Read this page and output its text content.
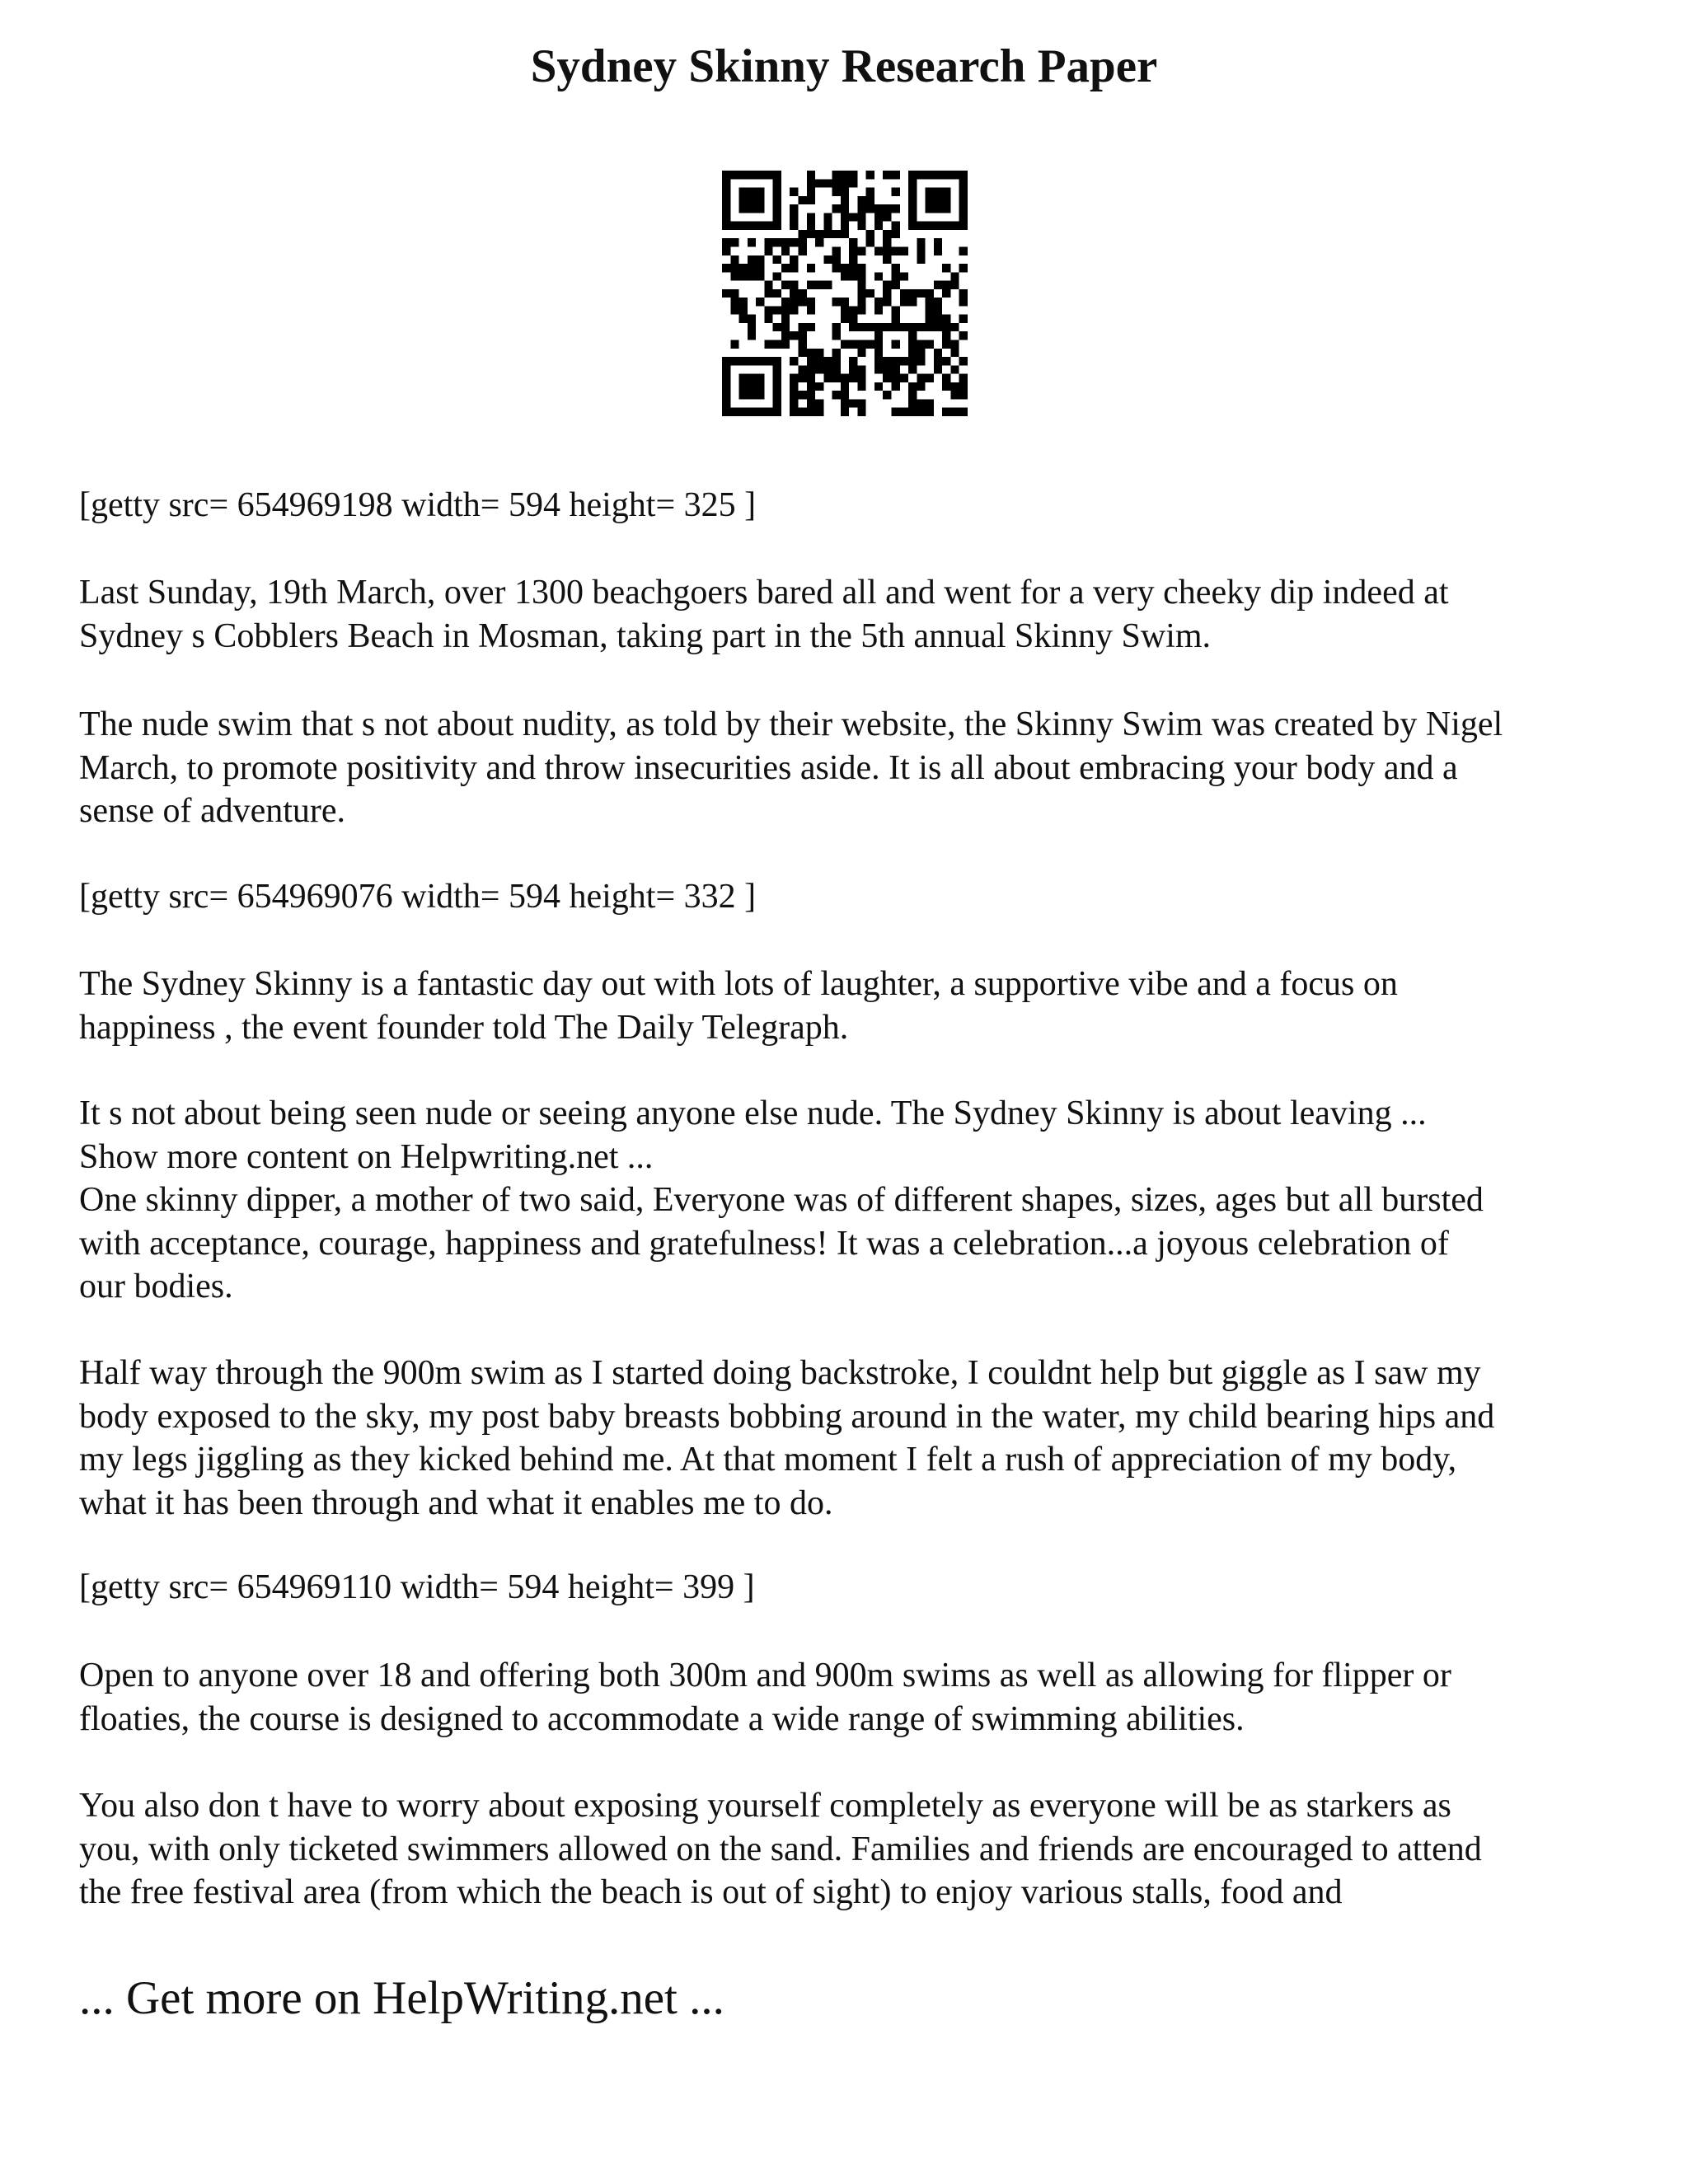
Sydney Skinny Research Paper

[getty src= 654969198 width= 594 height= 325 ]

Last Sunday, 19th March, over 1300 beachgoers bared all and went for a very cheeky dip indeed at
Sydney s Cobblers Beach in Mosman, taking part in the 5th annual Skinny Swim.

The nude swim that s not about nudity, as told by their website, the Skinny Swim was created by Nigel
March, to promote positivity and throw insecurities aside. It is all about embracing your body and a
sense of adventure.

[getty src= 654969076 width= 594 height= 332 ]

The Sydney Skinny is a fantastic day out with lots of laughter, a supportive vibe and a focus on
happiness , the event founder told The Daily Telegraph.

It s not about being seen nude or seeing anyone else nude. The Sydney Skinny is about leaving ...
Show more content on Helpwriting.net ...
One skinny dipper, a mother of two said, Everyone was of different shapes, sizes, ages but all bursted
with acceptance, courage, happiness and gratefulness! It was a celebration...a joyous celebration of
our bodies.

Half way through the 900m swim as I started doing backstroke, I couldnt help but giggle as I saw my
body exposed to the sky, my post baby breasts bobbing around in the water, my child bearing hips and
my legs jiggling as they kicked behind me. At that moment I felt a rush of appreciation of my body,
what it has been through and what it enables me to do.

[getty src= 654969110 width= 594 height= 399 ]

Open to anyone over 18 and offering both 300m and 900m swims as well as allowing for flipper or
floaties, the course is designed to accommodate a wide range of swimming abilities.

You also don t have to worry about exposing yourself completely as everyone will be as starkers as
you, with only ticketed swimmers allowed on the sand. Families and friends are encouraged to attend
the free festival area (from which the beach is out of sight) to enjoy various stalls, food and

... Get more on HelpWriting.net ...
